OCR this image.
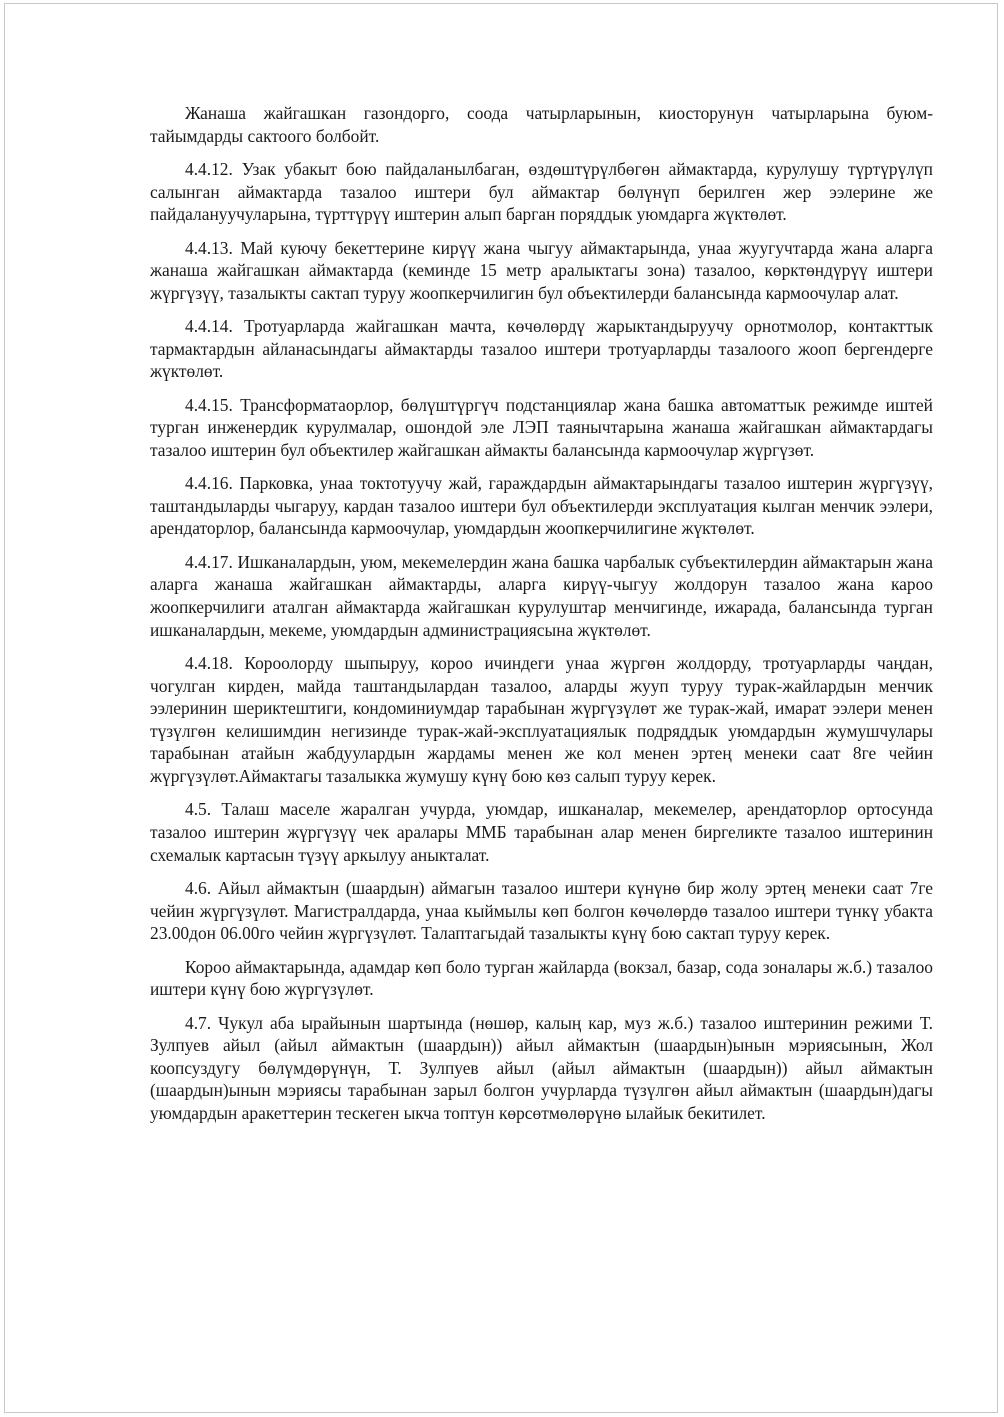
Жанаша жайгашкан газондорго, соода чатырларынын, киосторунун чатырларына буюм-тайымдарды сактоого болбойт.

4.4.12. Узак убакыт бою пайдаланылбаган, өздөштүрүлбөгөн аймактарда, курулушу түртүрүлүп салынган аймактарда тазалоо иштери бул аймактар бөлүнүп берилген жер ээлерине же пайдалануучуларына, түрттүрүү иштерин алып барган поряддык уюмдарга жүктөлөт.

4.4.13. Май куючу бекеттерине кирүү жана чыгуу аймактарында, унаа жуугучтарда жана аларга жанаша жайгашкан аймактарда (кеминде 15 метр аралыктагы зона) тазалоо, көрктөндүрүү иштери жүргүзүү, тазалыкты сактап туруу жоопкерчилигин бул объектилерди балансында кармоочулар алат.

4.4.14. Тротуарларда жайгашкан мачта, көчөлөрдү жарыктандыруучу орнотмолор, контакттык тармактардын айланасындагы аймактарды тазалоо иштери тротуарларды тазалоого жооп бергендерге жүктөлөт.

4.4.15. Трансформатаорлор, бөлүштүргүч подстанциялар жана башка автоматтык режимде иштей турган инженердик курулмалар, ошондой эле ЛЭП таянычтарына жанаша жайгашкан аймактардагы тазалоо иштерин бул объектилер жайгашкан аймакты балансында кармоочулар жүргүзөт.

4.4.16. Парковка, унаа токтотуучу жай, гараждардын аймактарындагы тазалоо иштерин жүргүзүү, таштандыларды чыгаруу, кардан тазалоо иштери бул объектилерди эксплуатация кылган менчик ээлери, арендаторлор, балансында кармоочулар, уюмдардын жоопкерчилигине жүктөлөт.

4.4.17. Ишканалардын, уюм, мекемелердин жана башка чарбалык субъектилердин аймактарын жана аларга жанаша жайгашкан аймактарды, аларга кирүү-чыгуу жолдорун тазалоо жана кароо жоопкерчилиги аталган аймактарда жайгашкан курулуштар менчигинде, ижарада, балансында турган ишканалардын, мекеме, уюмдардын администрациясына жүктөлөт.

4.4.18. Короолорду шыпыруу, короо ичиндеги унаа жүргөн жолдорду, тротуарларды чаңдан, чогулган кирден, майда таштандылардан тазалоо, аларды жууп туруу турак-жайлардын менчик ээлеринин шериктештиги, кондоминиумдар тарабынан жүргүзүлөт же турак-жай, имарат ээлери менен түзүлгөн келишимдин негизинде турак-жай-эксплуатациялык подряддык уюмдардын жумушчулары тарабынан атайын жабдуулардын жардамы менен же кол менен эртең менеки саат 8ге чейин жүргүзүлөт.Аймактагы тазалыкка жумушу күнү бою көз салып туруу керек.

4.5. Талаш маселе жаралган учурда, уюмдар, ишканалар, мекемелер, арендаторлор ортосунда тазалоо иштерин жүргүзүү чек аралары ММБ тарабынан алар менен биргеликте тазалоо иштеринин схемалык картасын түзүү аркылуу аныкталат.

4.6. Айыл аймактын (шаардын) аймагын тазалоо иштери күнүнө бир жолу эртең менеки саат 7ге чейин жүргүзүлөт. Магистралдарда, унаа кыймылы көп болгон көчөлөрдө тазалоо иштери түнкү убакта 23.00дон 06.00го чейин жүргүзүлөт. Талаптагыдай тазалыкты күнү бою сактап туруу керек.

Короо аймактарында, адамдар көп боло турган жайларда (вокзал, базар, сода зоналары ж.б.) тазалоо иштери күнү бою жүргүзүлөт.

4.7. Чукул аба ырайынын шартында (нөшөр, калың кар, муз ж.б.) тазалоо иштеринин режими Т. Зулпуев айыл (айыл аймактын (шаардын)) айыл аймактын (шаардын)ынын мэриясынын, Жол коопсуздугу бөлүмдөрүнүн, Т. Зулпуев айыл (айыл аймактын (шаардын)) айыл аймактын (шаардын)ынын мэриясы тарабынан зарыл болгон учурларда түзүлгөн айыл аймактын (шаардын)дагы уюмдардын аракеттерин тескеген ыкча топтун көрсөтмөлөрүнө ылайык бекитилет.
